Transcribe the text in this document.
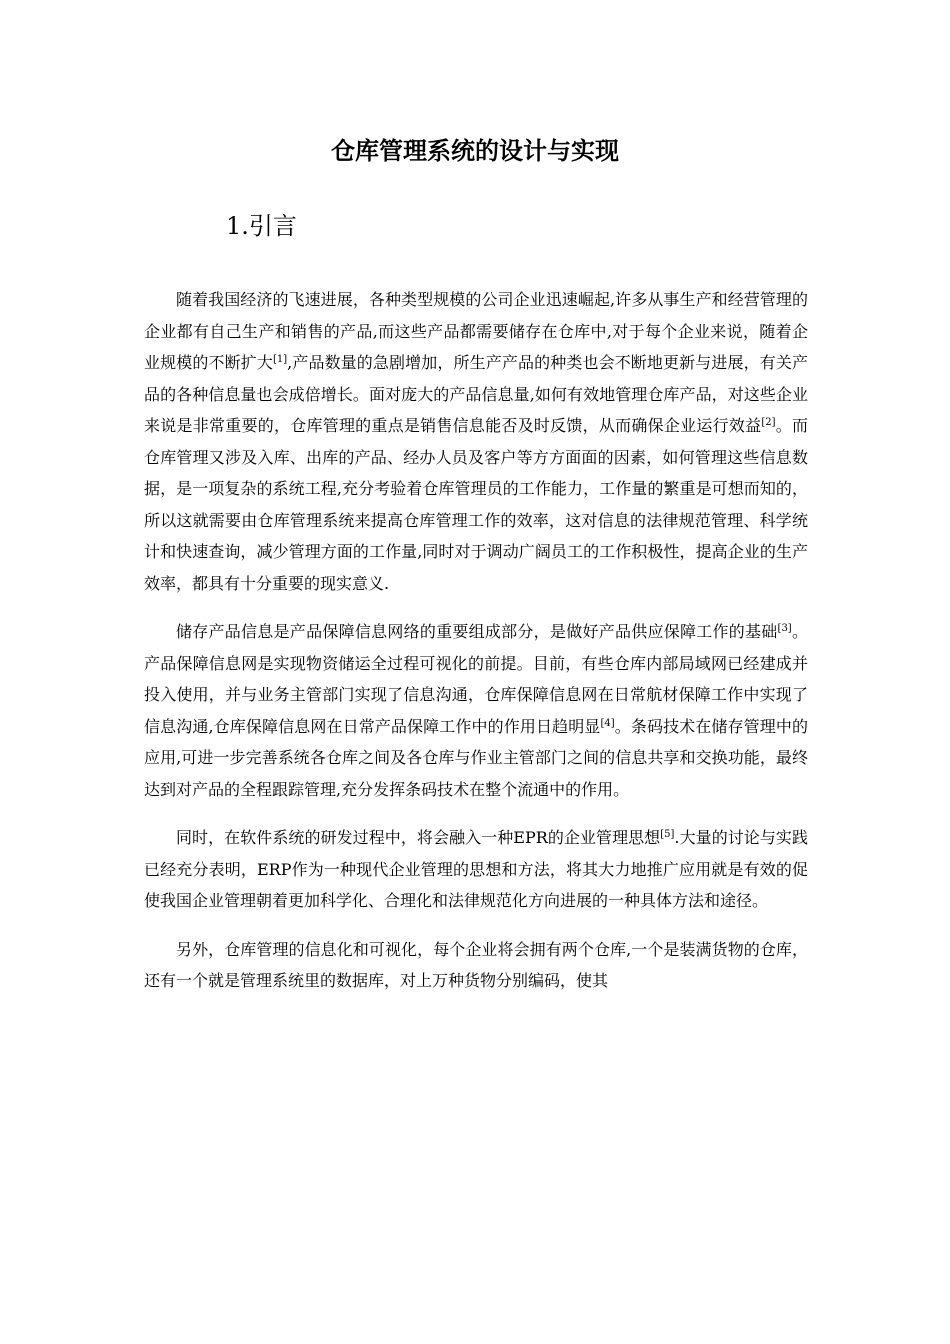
仓库管理系统的设计与实现
1.引言

随着我国经济的飞速进展，各种类型规模的公司企业迅速崛起,许多从事生产和经营管理的企业都有自己生产和销售的产品,而这些产品都需要储存在仓库中,对于每个企业来说，随着企业规模的不断扩大[1],产品数量的急剧增加，所生产产品的种类也会不断地更新与进展，有关产品的各种信息量也会成倍增长。面对庞大的产品信息量,如何有效地管理仓库产品，对这些企业来说是非常重要的，仓库管理的重点是销售信息能否及时反馈，从而确保企业运行效益[2]。而仓库管理又涉及入库、出库的产品、经办人员及客户等方方面面的因素，如何管理这些信息数据，是一项复杂的系统工程,充分考验着仓库管理员的工作能力，工作量的繁重是可想而知的，所以这就需要由仓库管理系统来提高仓库管理工作的效率，这对信息的法律规范管理、科学统计和快速查询，减少管理方面的工作量,同时对于调动广阔员工的工作积极性，提高企业的生产效率，都具有十分重要的现实意义.

储存产品信息是产品保障信息网络的重要组成部分，是做好产品供应保障工作的基础[3]。产品保障信息网是实现物资储运全过程可视化的前提。目前，有些仓库内部局域网已经建成并投入使用，并与业务主管部门实现了信息沟通，仓库保障信息网在日常航材保障工作中实现了信息沟通,仓库保障信息网在日常产品保障工作中的作用日趋明显[4]。条码技术在储存管理中的应用,可进一步完善系统各仓库之间及各仓库与作业主管部门之间的信息共享和交换功能，最终达到对产品的全程跟踪管理,充分发挥条码技术在整个流通中的作用。

同时，在软件系统的研发过程中，将会融入一种EPR的企业管理思想[5].大量的讨论与实践已经充分表明，ERP作为一种现代企业管理的思想和方法，将其大力地推广应用就是有效的促使我国企业管理朝着更加科学化、合理化和法律规范化方向进展的一种具体方法和途径。

另外，仓库管理的信息化和可视化，每个企业将会拥有两个仓库,一个是装满货物的仓库，还有一个就是管理系统里的数据库，对上万种货物分别编码，使其
